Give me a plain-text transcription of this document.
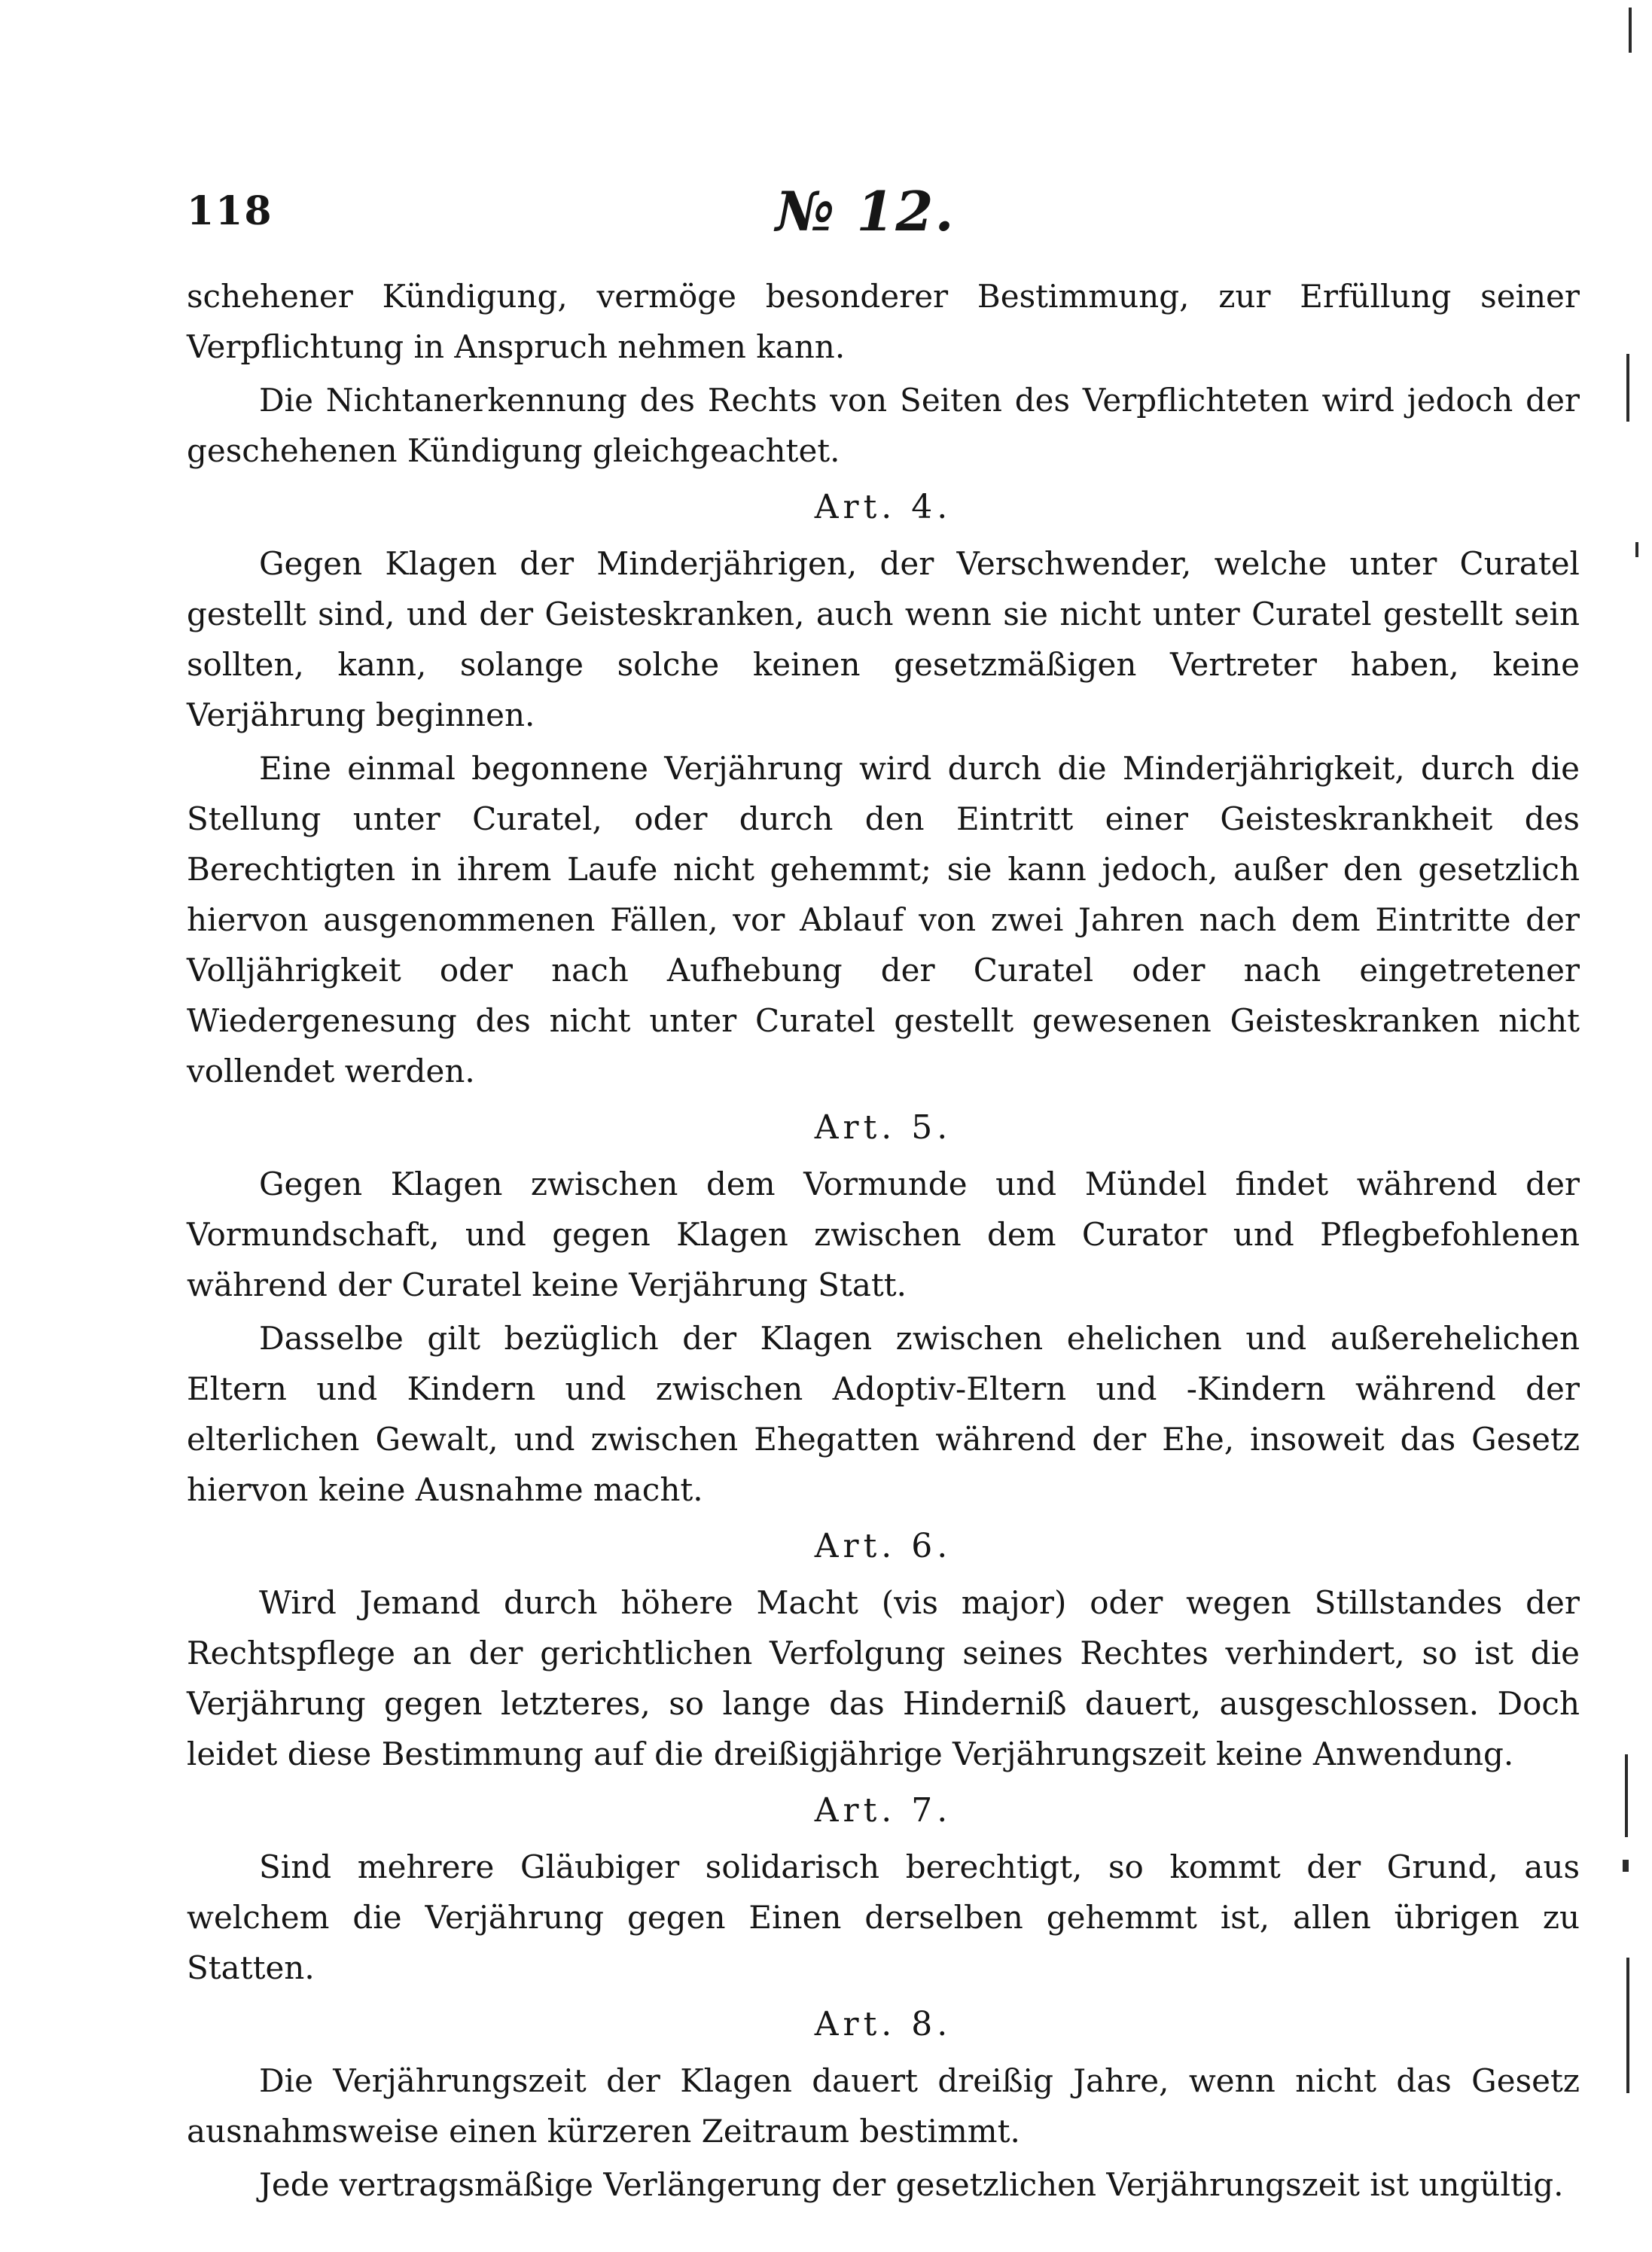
118	№ 12.

schehener Kündigung, vermöge besonderer Bestimmung, zur Erfüllung seiner Verpflichtung in Anspruch nehmen kann.

Die Nichtanerkennung des Rechts von Seiten des Verpflichteten wird jedoch der geschehenen Kündigung gleichgeachtet.

Art. 4.

Gegen Klagen der Minderjährigen, der Verschwender, welche unter Curatel gestellt sind, und der Geisteskranken, auch wenn sie nicht unter Curatel gestellt sein sollten, kann, solange solche keinen gesetzmäßigen Vertreter haben, keine Verjährung beginnen.

Eine einmal begonnene Verjährung wird durch die Minderjährigkeit, durch die Stellung unter Curatel, oder durch den Eintritt einer Geisteskrankheit des Berechtigten in ihrem Laufe nicht gehemmt; sie kann jedoch, außer den gesetzlich hiervon ausgenommenen Fällen, vor Ablauf von zwei Jahren nach dem Eintritte der Volljährigkeit oder nach Aufhebung der Curatel oder nach eingetretener Wiedergenesung des nicht unter Curatel gestellt gewesenen Geisteskranken nicht vollendet werden.

Art. 5.

Gegen Klagen zwischen dem Vormunde und Mündel findet während der Vormundschaft, und gegen Klagen zwischen dem Curator und Pflegbefohlenen während der Curatel keine Verjährung Statt.

Dasselbe gilt bezüglich der Klagen zwischen ehelichen und außerehelichen Eltern und Kindern und zwischen Adoptiv-Eltern und -Kindern während der elterlichen Gewalt, und zwischen Ehegatten während der Ehe, insoweit das Gesetz hiervon keine Ausnahme macht.

Art. 6.

Wird Jemand durch höhere Macht (vis major) oder wegen Stillstandes der Rechtspflege an der gerichtlichen Verfolgung seines Rechtes verhindert, so ist die Verjährung gegen letzteres, so lange das Hinderniß dauert, ausgeschlossen. Doch leidet diese Bestimmung auf die dreißigjährige Verjährungszeit keine Anwendung.

Art. 7.

Sind mehrere Gläubiger solidarisch berechtigt, so kommt der Grund, aus welchem die Verjährung gegen Einen derselben gehemmt ist, allen übrigen zu Statten.

Art. 8.

Die Verjährungszeit der Klagen dauert dreißig Jahre, wenn nicht das Gesetz ausnahmsweise einen kürzeren Zeitraum bestimmt.

Jede vertragsmäßige Verlängerung der gesetzlichen Verjährungszeit ist ungültig.
